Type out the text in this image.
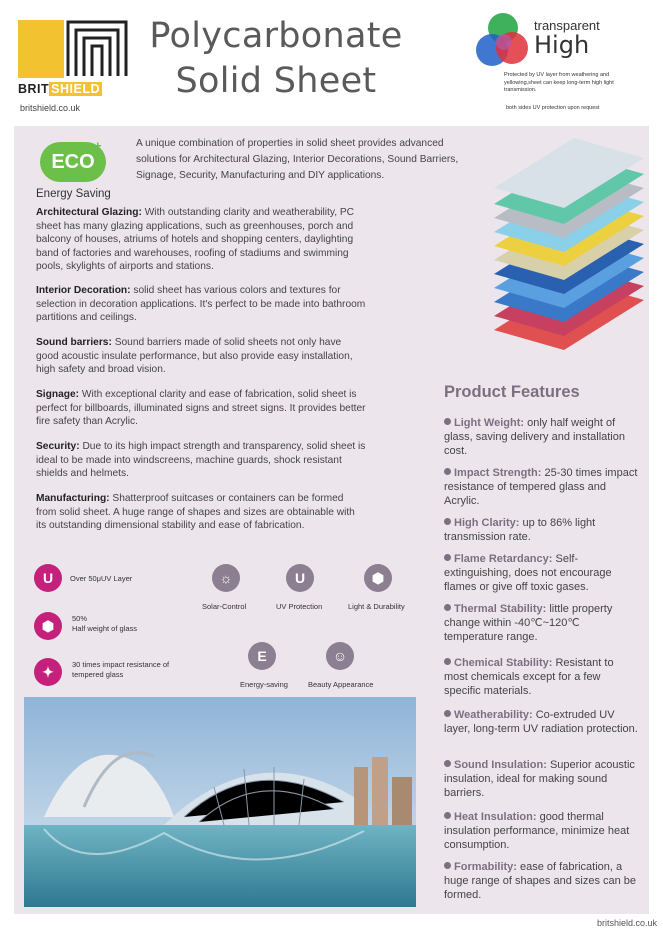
BRIT SHIELD
britshield.co.uk
Polycarbonate
Solid Sheet
transparent
High
Protected by UV layer from weathering and yellowing,sheet can keep long-term high light transmission.
both sides UV protection upon request
ECO
+
Energy Saving
A unique combination of properties in solid sheet provides advanced solutions for Architectural Glazing, Interior Decorations, Sound Barriers, Signage, Security, Manufacturing and DIY applications.
Architectural Glazing: With outstanding clarity and weatherability, PC sheet has many glazing applications, such as greenhouses, porch and balcony of houses, atriums of hotels and shopping centers, daylighting band of factories and warehouses, roofing of stadiums and swimming pools, skylights of airports and stations.
Interior Decoration: solid sheet has various colors and textures for selection in decoration applications. It's perfect to be made into bathroom partitions and ceilings.
Sound barriers: Sound barriers made of solid sheets not only have good acoustic insulate performance, but also provide easy installation, high safety and broad vision.
Signage: With exceptional clarity and ease of fabrication, solid sheet is perfect for billboards, illuminated signs and street signs. It provides better fire safety than Acrylic.
Security: Due to its high impact strength and transparency, solid sheet is ideal to be made into windscreens, machine guards, shock resistant shields and helmets.
Manufacturing: Shatterproof suitcases or containers can be formed from solid sheet. A huge range of shapes and sizes are obtainable with its outstanding dimensional stability and ease of fabrication.
U	Over 50μUV Layer
⬢	50%
Half weight of glass
✦	30 times impact resistance of tempered glass
☼
Solar-Control
U
UV Protection
⬢
Light & Durability
E
Energy-saving
☺
Beauty Appearance
Product Features
Light Weight: only half weight of glass, saving delivery and installation cost.
Impact Strength: 25-30 times impact resistance of tempered glass and Acrylic.
High Clarity: up to 86% light transmission rate.
Flame Retardancy: Self-extinguishing, does not encourage flames or give off toxic gases.
Thermal Stability: little property change within -40℃~120℃ temperature range.
Chemical Stability: Resistant to most chemicals except for a few specific materials.
Weatherability: Co-extruded UV layer, long-term UV radiation protection.
Sound Insulation: Superior acoustic insulation, ideal for making sound barriers.
Heat Insulation: good thermal insulation performance, minimize heat consumption.
Formability: ease of fabrication, a huge range of shapes and sizes can be formed.
britshield.co.uk
